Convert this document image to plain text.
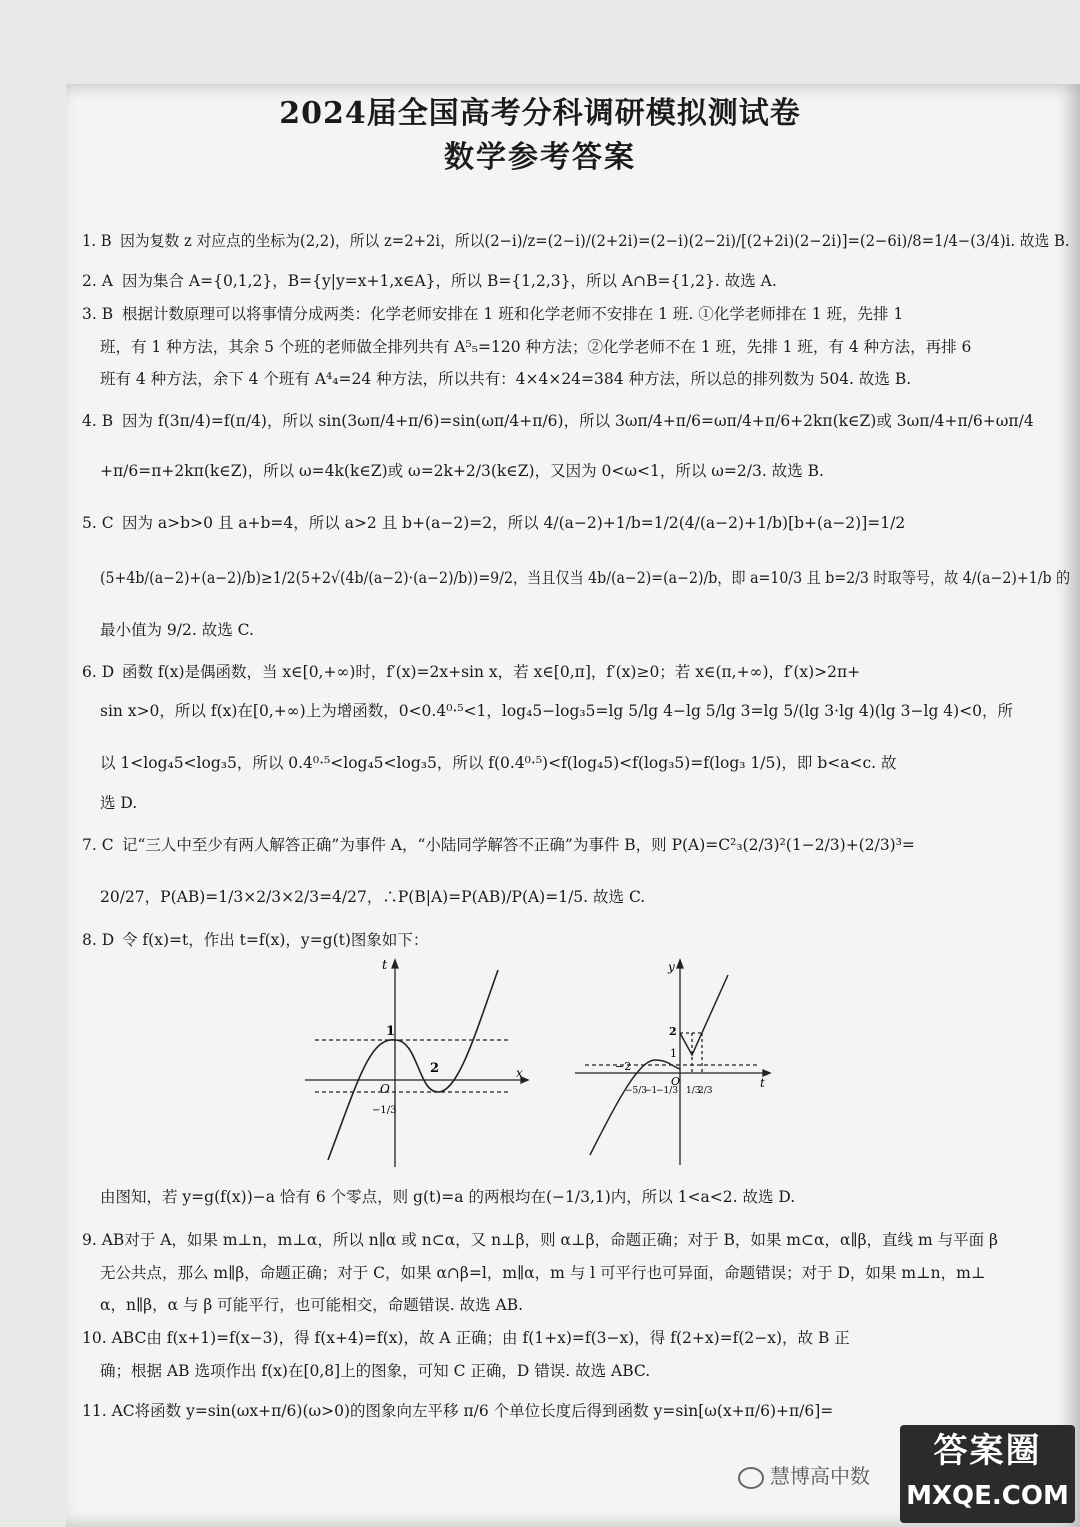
2024届全国高考分科调研模拟测试卷
数学参考答案
1. B 因为复数 z 对应点的坐标为(2,2)，所以 z=2+2i，所以(2−i)/z=(2−i)/(2+2i)=(2−i)(2−2i)/[(2+2i)(2−2i)]=(2−6i)/8=1/4−(3/4)i. 故选 B.
2. A 因为集合 A={0,1,2}，B={y|y=x+1,x∈A}，所以 B={1,2,3}，所以 A∩B={1,2}. 故选 A.
3. B 根据计数原理可以将事情分成两类：化学老师安排在 1 班和化学老师不安排在 1 班. ①化学老师排在 1 班，先排 1
班，有 1 种方法，其余 5 个班的老师做全排列共有 A⁵₅=120 种方法；②化学老师不在 1 班，先排 1 班，有 4 种方法，再排 6
班有 4 种方法，余下 4 个班有 A⁴₄=24 种方法，所以共有：4×4×24=384 种方法，所以总的排列数为 504. 故选 B.
4. B 因为 f(3π/4)=f(π/4)，所以 sin(3ωπ/4+π/6)=sin(ωπ/4+π/6)，所以 3ωπ/4+π/6=ωπ/4+π/6+2kπ(k∈Z)或 3ωπ/4+π/6+ωπ/4
+π/6=π+2kπ(k∈Z)，所以 ω=4k(k∈Z)或 ω=2k+2/3(k∈Z)，又因为 0<ω<1，所以 ω=2/3. 故选 B.
5. C 因为 a>b>0 且 a+b=4，所以 a>2 且 b+(a−2)=2，所以 4/(a−2)+1/b=1/2(4/(a−2)+1/b)[b+(a−2)]=1/2
(5+4b/(a−2)+(a−2)/b)≥1/2(5+2√(4b/(a−2)·(a−2)/b))=9/2，当且仅当 4b/(a−2)=(a−2)/b，即 a=10/3 且 b=2/3 时取等号，故 4/(a−2)+1/b 的
最小值为 9/2. 故选 C.
6. D 函数 f(x)是偶函数，当 x∈[0,+∞)时，f′(x)=2x+sin x，若 x∈[0,π]，f′(x)≥0；若 x∈(π,+∞)，f′(x)>2π+
sin x>0，所以 f(x)在[0,+∞)上为增函数，0<0.4⁰·⁵<1，log₄5−log₃5=lg 5/lg 4−lg 5/lg 3=lg 5/(lg 3·lg 4)(lg 3−lg 4)<0，所
以 1<log₄5<log₃5，所以 0.4⁰·⁵<log₄5<log₃5，所以 f(0.4⁰·⁵)<f(log₄5)<f(log₃5)=f(log₃ 1/5)，即 b<a<c. 故
选 D.
7. C 记“三人中至少有两人解答正确”为事件 A，“小陆同学解答不正确”为事件 B，则 P(A)=C²₃(2/3)²(1−2/3)+(2/3)³=
20/27，P(AB)=1/3×2/3×2/3=4/27，∴P(B|A)=P(AB)/P(A)=1/5. 故选 C.
8. D 令 f(x)=t，作出 t=f(x)，y=g(t)图象如下：
由图知，若 y=g(f(x))−a 恰有 6 个零点，则 g(t)=a 的两根均在(−1/3,1)内，所以 1<a<2. 故选 D.
9. AB对于 A，如果 m⊥n，m⊥α，所以 n∥α 或 n⊂α，又 n⊥β，则 α⊥β，命题正确；对于 B，如果 m⊂α，α∥β，直线 m 与平面 β
无公共点，那么 m∥β，命题正确；对于 C，如果 α∩β=l，m∥α，m 与 l 可平行也可异面，命题错误；对于 D，如果 m⊥n，m⊥
α，n∥β，α 与 β 可能平行，也可能相交，命题错误. 故选 AB.
10. ABC由 f(x+1)=f(x−3)，得 f(x+4)=f(x)，故 A 正确；由 f(1+x)=f(3−x)，得 f(2+x)=f(2−x)，故 B 正
确；根据 AB 选项作出 f(x)在[0,8]上的图象，可知 C 正确，D 错误. 故选 ABC.
11. AC将函数 y=sin(ωx+π/6)(ω>0)的图象向左平移 π/6 个单位长度后得到函数 y=sin[ω(x+π/6)+π/6]=
1
2
O
−1/3
t
x
2
1
−2
O
y
t
−5/3
−1
−1/3 1/3
2/3
慧博高中数
答案圈
MXQE.COM
